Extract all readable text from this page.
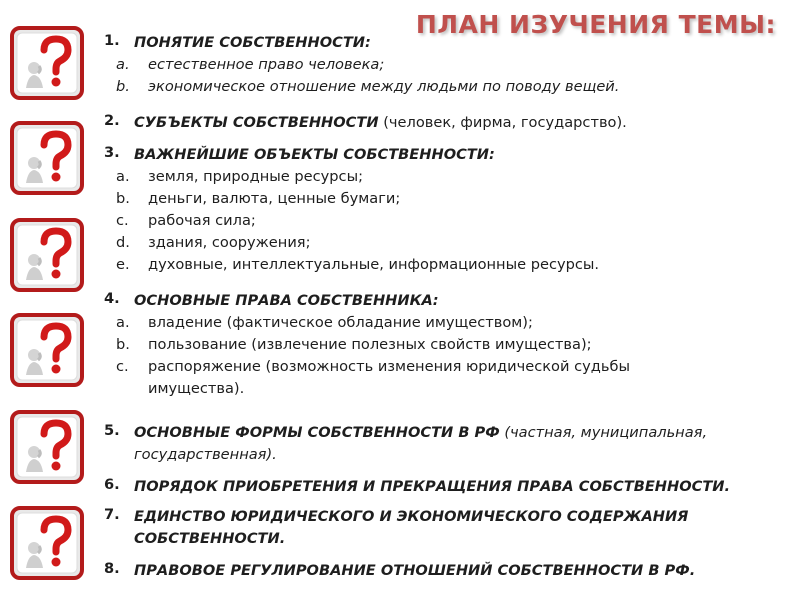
ПЛАН ИЗУЧЕНИЯ ТЕМЫ:
1. ПОНЯТИЕ СОБСТВЕННОСТИ:
a. естественное право человека;
b. экономическое отношение между людьми по поводу вещей.
2. СУБЪЕКТЫ СОБСТВЕННОСТИ (человек, фирма, государство).
3. ВАЖНЕЙШИЕ ОБЪЕКТЫ СОБСТВЕННОСТИ:
a. земля, природные ресурсы;
b. деньги, валюта, ценные бумаги;
c. рабочая сила;
d. здания, сооружения;
e. духовные, интеллектуальные, информационные ресурсы.
4. ОСНОВНЫЕ ПРАВА СОБСТВЕННИКА:
a. владение (фактическое обладание имуществом);
b. пользование (извлечение полезных свойств имущества);
c. распоряжение (возможность изменения юридической судьбы
имущества).
5. ОСНОВНЫЕ ФОРМЫ СОБСТВЕННОСТИ В РФ (частная, муниципальная,
государственная).
6. ПОРЯДОК ПРИОБРЕТЕНИЯ И ПРЕКРАЩЕНИЯ ПРАВА СОБСТВЕННОСТИ.
7. ЕДИНСТВО ЮРИДИЧЕСКОГО И ЭКОНОМИЧЕСКОГО СОДЕРЖАНИЯ
СОБСТВЕННОСТИ.
8. ПРАВОВОЕ РЕГУЛИРОВАНИЕ ОТНОШЕНИЙ СОБСТВЕННОСТИ В РФ.
